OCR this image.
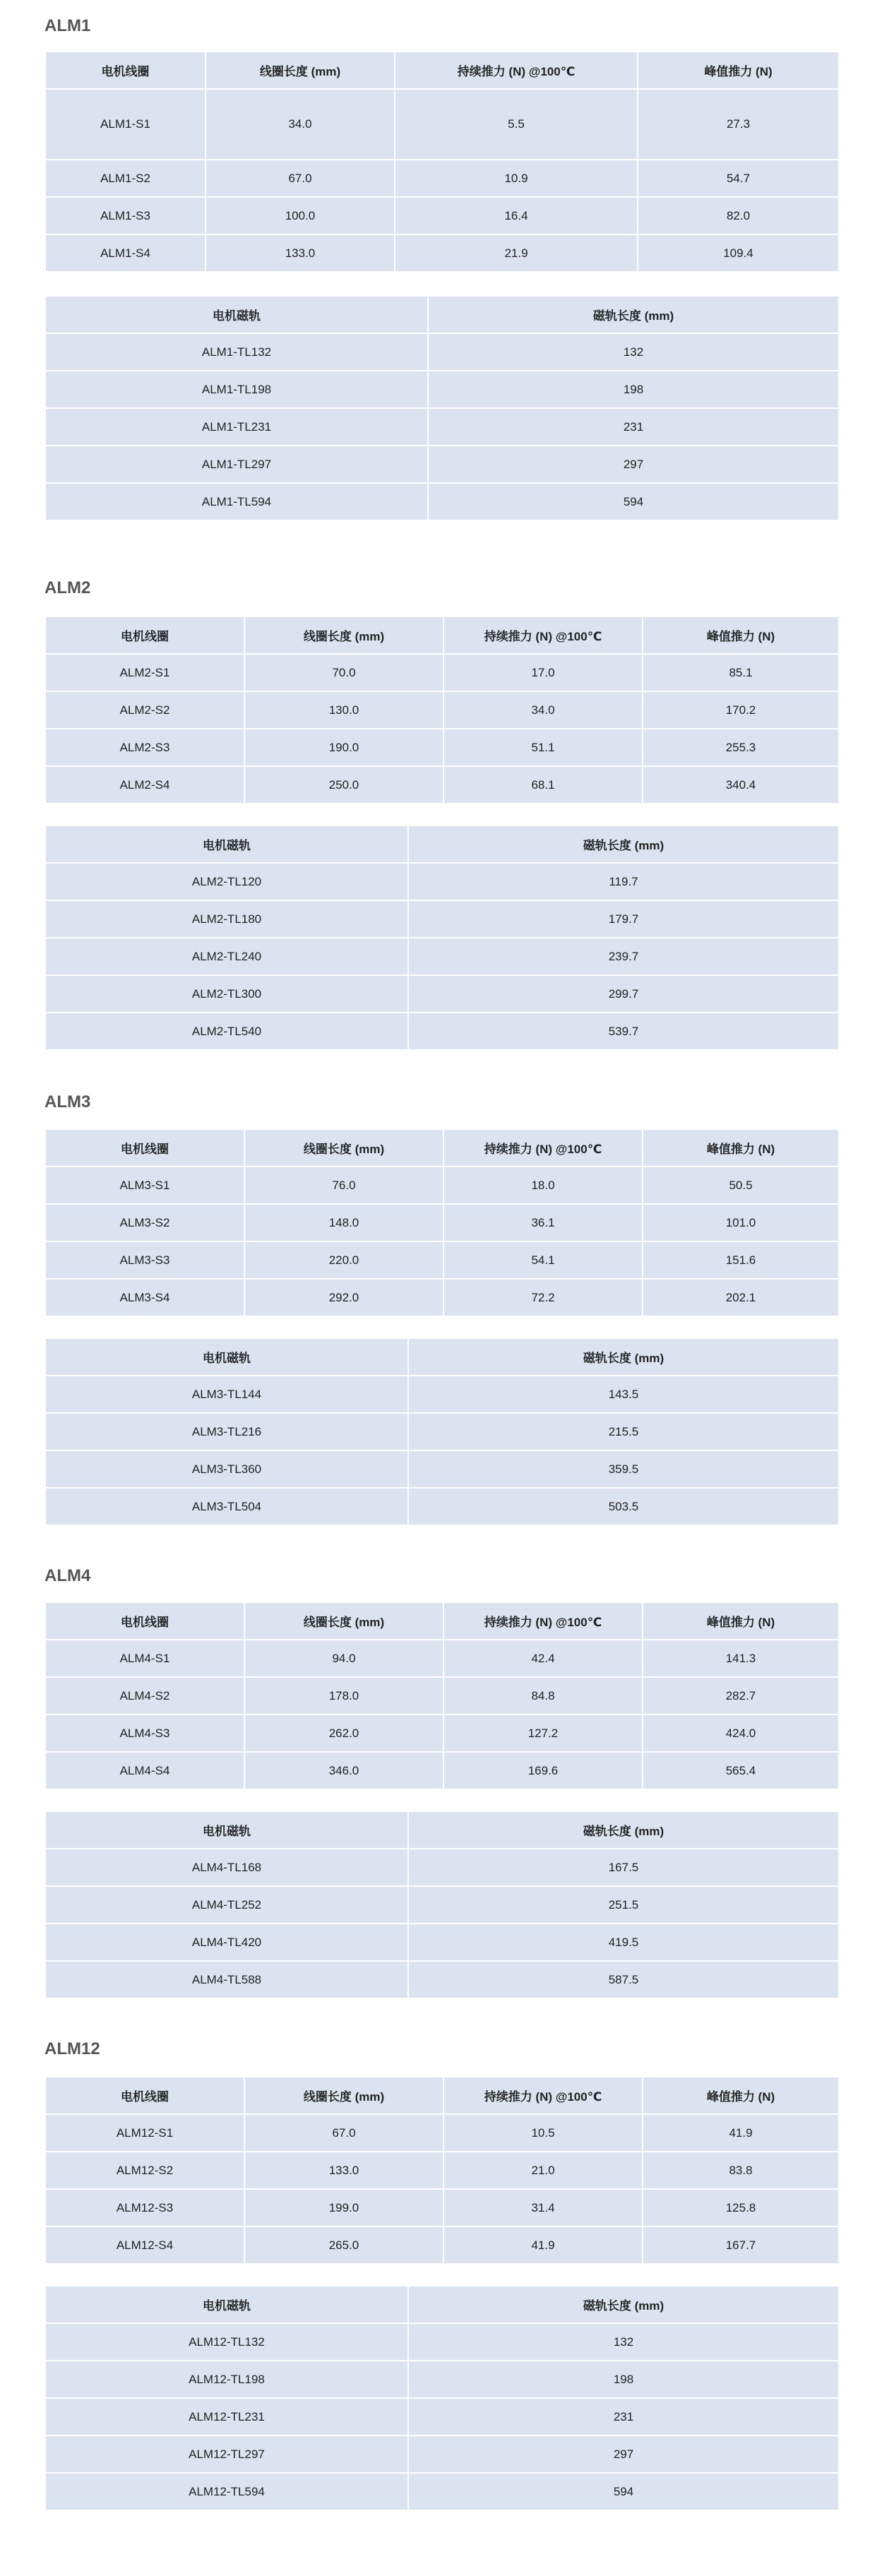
ALM1
电机线圈	线圈长度 (mm)	持续推力 (N) @100℃	峰值推力 (N)
ALM1-S1	34.0	5.5	27.3
ALM1-S2	67.0	10.9	54.7
ALM1-S3	100.0	16.4	82.0
ALM1-S4	133.0	21.9	109.4
电机磁轨	磁轨长度 (mm)
ALM1-TL132	132
ALM1-TL198	198
ALM1-TL231	231
ALM1-TL297	297
ALM1-TL594	594
ALM2
电机线圈	线圈长度 (mm)	持续推力 (N) @100℃	峰值推力 (N)
ALM2-S1	70.0	17.0	85.1
ALM2-S2	130.0	34.0	170.2
ALM2-S3	190.0	51.1	255.3
ALM2-S4	250.0	68.1	340.4
电机磁轨	磁轨长度 (mm)
ALM2-TL120	119.7
ALM2-TL180	179.7
ALM2-TL240	239.7
ALM2-TL300	299.7
ALM2-TL540	539.7
ALM3
电机线圈	线圈长度 (mm)	持续推力 (N) @100℃	峰值推力 (N)
ALM3-S1	76.0	18.0	50.5
ALM3-S2	148.0	36.1	101.0
ALM3-S3	220.0	54.1	151.6
ALM3-S4	292.0	72.2	202.1
电机磁轨	磁轨长度 (mm)
ALM3-TL144	143.5
ALM3-TL216	215.5
ALM3-TL360	359.5
ALM3-TL504	503.5
ALM4
电机线圈	线圈长度 (mm)	持续推力 (N) @100℃	峰值推力 (N)
ALM4-S1	94.0	42.4	141.3
ALM4-S2	178.0	84.8	282.7
ALM4-S3	262.0	127.2	424.0
ALM4-S4	346.0	169.6	565.4
电机磁轨	磁轨长度 (mm)
ALM4-TL168	167.5
ALM4-TL252	251.5
ALM4-TL420	419.5
ALM4-TL588	587.5
ALM12
电机线圈	线圈长度 (mm)	持续推力 (N) @100℃	峰值推力 (N)
ALM12-S1	67.0	10.5	41.9
ALM12-S2	133.0	21.0	83.8
ALM12-S3	199.0	31.4	125.8
ALM12-S4	265.0	41.9	167.7
电机磁轨	磁轨长度 (mm)
ALM12-TL132	132
ALM12-TL198	198
ALM12-TL231	231
ALM12-TL297	297
ALM12-TL594	594
